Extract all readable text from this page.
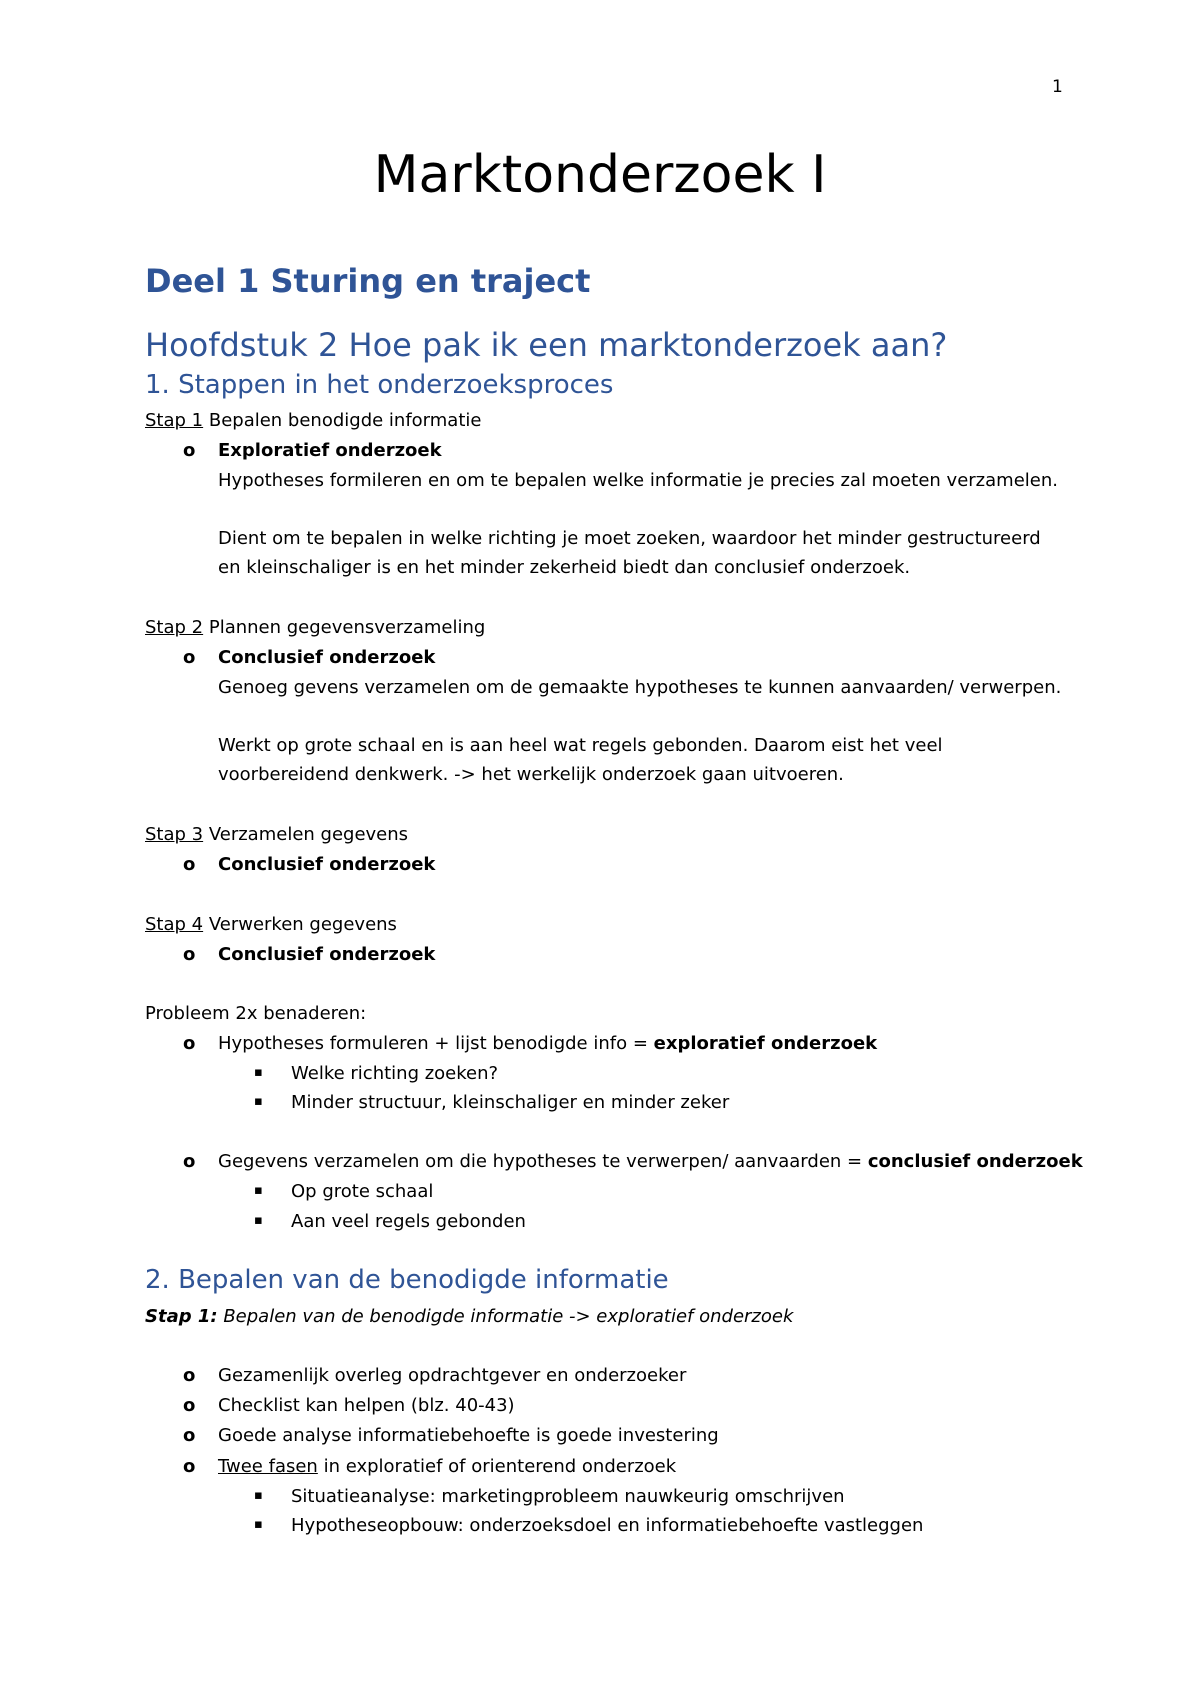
1
Marktonderzoek I
Deel 1 Sturing en traject
Hoofdstuk 2 Hoe pak ik een marktonderzoek aan?
1. Stappen in het onderzoeksproces
Stap 1 Bepalen benodigde informatie
o Exploratief onderzoek
Hypotheses formileren en om te bepalen welke informatie je precies zal moeten verzamelen.
Dient om te bepalen in welke richting je moet zoeken, waardoor het minder gestructureerd
en kleinschaliger is en het minder zekerheid biedt dan conclusief onderzoek.
Stap 2 Plannen gegevensverzameling
o Conclusief onderzoek
Genoeg gevens verzamelen om de gemaakte hypotheses te kunnen aanvaarden/ verwerpen.
Werkt op grote schaal en is aan heel wat regels gebonden. Daarom eist het veel
voorbereidend denkwerk. -> het werkelijk onderzoek gaan uitvoeren.
Stap 3 Verzamelen gegevens
o Conclusief onderzoek
Stap 4 Verwerken gegevens
o Conclusief onderzoek
Probleem 2x benaderen:
o Hypotheses formuleren + lijst benodigde info = exploratief onderzoek
▪ Welke richting zoeken?
▪ Minder structuur, kleinschaliger en minder zeker
o Gegevens verzamelen om die hypotheses te verwerpen/ aanvaarden = conclusief onderzoek
▪ Op grote schaal
▪ Aan veel regels gebonden
2. Bepalen van de benodigde informatie
Stap 1: Bepalen van de benodigde informatie -> exploratief onderzoek
o Gezamenlijk overleg opdrachtgever en onderzoeker
o Checklist kan helpen (blz. 40-43)
o Goede analyse informatiebehoefte is goede investering
o Twee fasen in exploratief of orienterend onderzoek
▪ Situatieanalyse: marketingprobleem nauwkeurig omschrijven
▪ Hypotheseopbouw: onderzoeksdoel en informatiebehoefte vastleggen
